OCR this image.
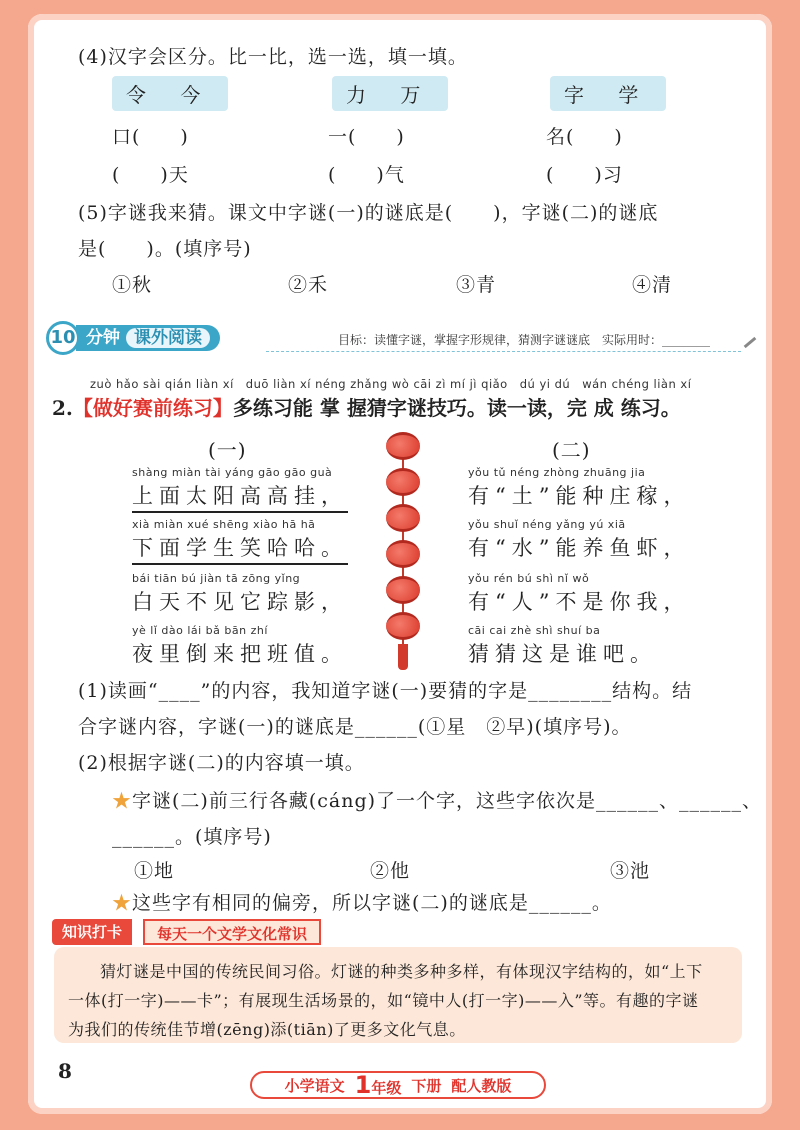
(4)汉字会区分。比一比，选一选，填一填。
令 今	力 万	字 学
口(　　)	一(　　)	名(　　)
(　　)天	(　　)气	(　　)习
(5)字谜我来猜。课文中字谜(一)的谜底是(　　)，字谜(二)的谜底
是(　　)。(填序号)
①秋	②禾	③青	④清
分钟 课外阅读
10	目标：读懂字谜，掌握字形规律，猜测字谜谜底　实际用时：________
zuò hǎo sài qián liàn xí　duō liàn xí néng zhǎng wò cāi zì mí jì qiǎo　dú yi dú　wán chéng liàn xí
2.【做好赛前练习】多练习能 掌 握猜字谜技巧。读一读，完 成 练习。
(一)	(二)
shàng miàn tài yáng gāo gāo guà
上面太阳高高挂，
xià miàn xué shēng xiào hā hā
下面学生笑哈哈。
bái tiān bú jiàn tā zōng yǐng
白天不见它踪影，
yè lǐ dào lái bǎ bān zhí
夜里倒来把班值。
yǒu tǔ néng zhòng zhuāng jia
有“土”能种庄稼，
yǒu shuǐ néng yǎng yú xiā
有“水”能养鱼虾，
yǒu rén bú shì nǐ wǒ
有“人”不是你我，
cāi cai zhè shì shuí ba
猜猜这是谁吧。
(1)读画“____”的内容，我知道字谜(一)要猜的字是________结构。结
合字谜内容，字谜(一)的谜底是______(①星　②早)(填序号)。
(2)根据字谜(二)的内容填一填。
★字谜(二)前三行各藏(cáng)了一个字，这些字依次是______、______、
______。(填序号)
①地	②他	③池
★这些字有相同的偏旁，所以字谜(二)的谜底是______。
猜灯谜是中国的传统民间习俗。灯谜的种类多种多样，有体现汉字结构的，如“上下
一体(打一字)——卡”；有展现生活场景的，如“镜中人(打一字)——入”等。有趣的字谜
为我们的传统佳节增(zēng)添(tiān)了更多文化气息。
知识打卡	每天一个文学文化常识
8
小学语文 1年级 下册 配人教版
